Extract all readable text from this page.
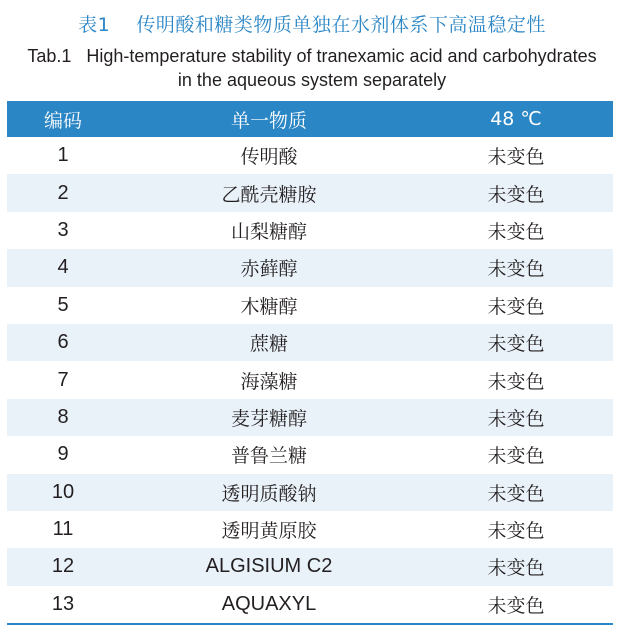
表1 传明酸和糖类物质单独在水剂体系下高温稳定性
Tab.1 High-temperature stability of tranexamic acid and carbohydrates
in the aqueous system separately
编码	单一物质	48 ℃
1	传明酸	未变色
2	乙酰壳糖胺	未变色
3	山梨糖醇	未变色
4	赤藓醇	未变色
5	木糖醇	未变色
6	蔗糖	未变色
7	海藻糖	未变色
8	麦芽糖醇	未变色
9	普鲁兰糖	未变色
10	透明质酸钠	未变色
11	透明黄原胶	未变色
12	ALGISIUM C2	未变色
13	AQUAXYL	未变色
